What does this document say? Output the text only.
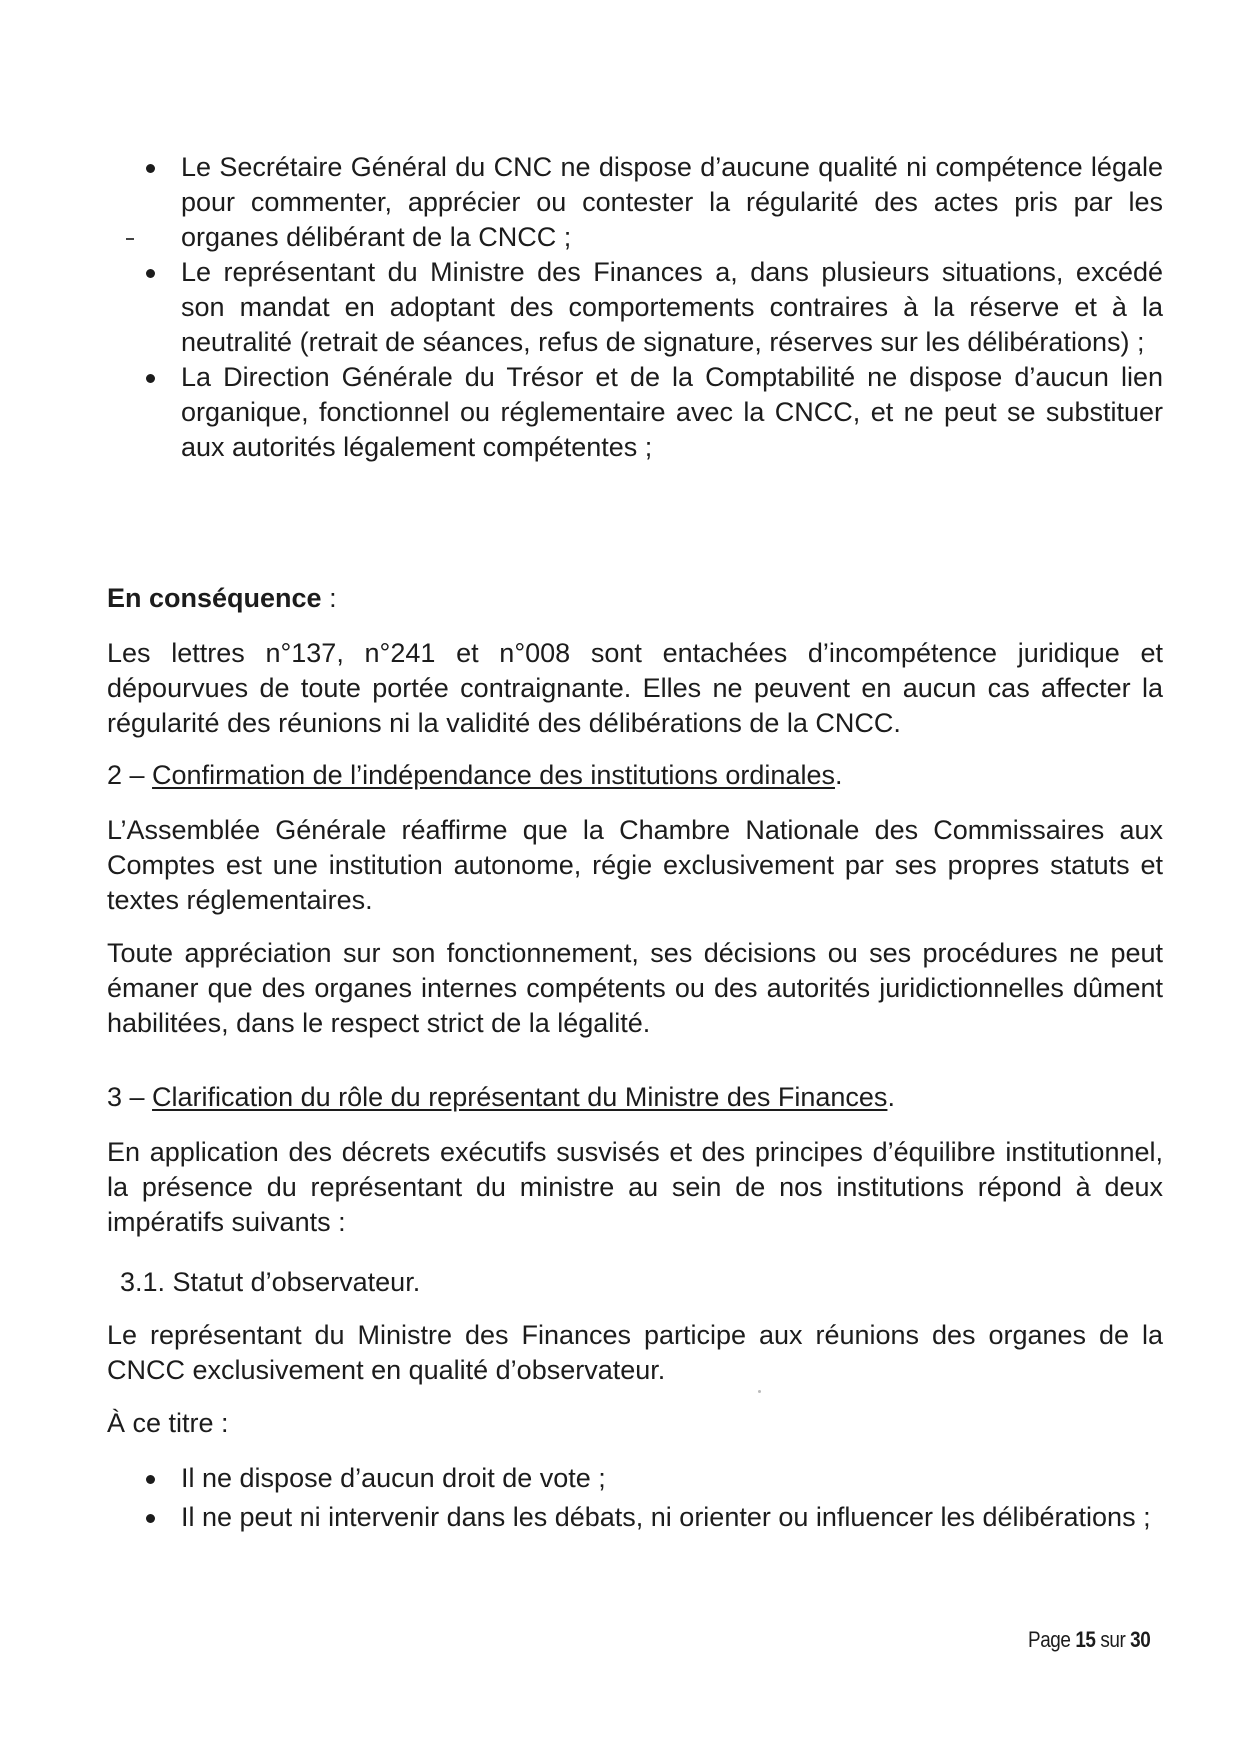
Le Secrétaire Général du CNC ne dispose d’aucune qualité ni compétence légale pour commenter, apprécier ou contester la régularité des actes pris par les organes délibérant de la CNCC ;
Le représentant du Ministre des Finances a, dans plusieurs situations, excédé son mandat en adoptant des comportements contraires à la réserve et à la neutralité (retrait de séances, refus de signature, réserves sur les délibérations) ;
La Direction Générale du Trésor et de la Comptabilité ne dispose d’aucun lien organique, fonctionnel ou réglementaire avec la CNCC, et ne peut se substituer aux autorités légalement compétentes ;

En conséquence :

Les lettres n°137, n°241 et n°008 sont entachées d’incompétence juridique et dépourvues de toute portée contraignante. Elles ne peuvent en aucun cas affecter la régularité des réunions ni la validité des délibérations de la CNCC.

2 – Confirmation de l’indépendance des institutions ordinales.

L’Assemblée Générale réaffirme que la Chambre Nationale des Commissaires aux Comptes est une institution autonome, régie exclusivement par ses propres statuts et textes réglementaires.

Toute appréciation sur son fonctionnement, ses décisions ou ses procédures ne peut émaner que des organes internes compétents ou des autorités juridictionnelles dûment habilitées, dans le respect strict de la légalité.

3 – Clarification du rôle du représentant du Ministre des Finances.

En application des décrets exécutifs susvisés et des principes d’équilibre institutionnel, la présence du représentant du ministre au sein de nos institutions répond à deux impératifs suivants :

3.1. Statut d’observateur.

Le représentant du Ministre des Finances participe aux réunions des organes de la CNCC exclusivement en qualité d’observateur.

À ce titre :

Il ne dispose d’aucun droit de vote ;
Il ne peut ni intervenir dans les débats, ni orienter ou influencer les délibérations ;
Page 15 sur 30
